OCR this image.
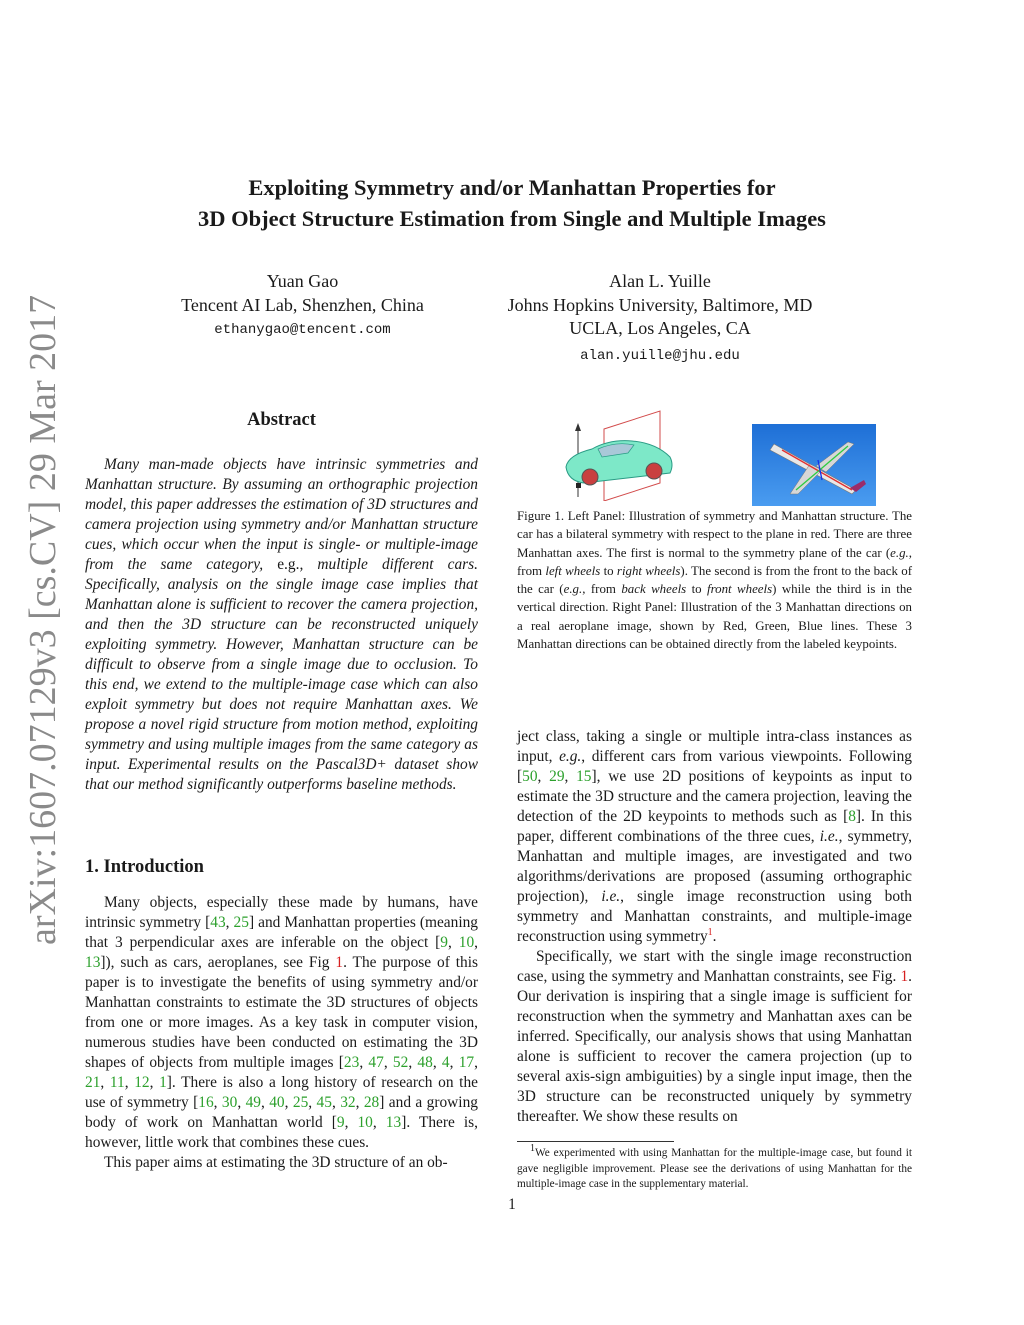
Exploiting Symmetry and/or Manhattan Properties for
3D Object Structure Estimation from Single and Multiple Images
Yuan Gao
Tencent AI Lab, Shenzhen, China
ethanygao@tencent.com
Alan L. Yuille
Johns Hopkins University, Baltimore, MD
UCLA, Los Angeles, CA
alan.yuille@jhu.edu
arXiv:1607.07129v3 [cs.CV] 29 Mar 2017	Abstract

Many man-made objects have intrinsic symmetries and Manhattan structure. By assuming an orthographic projection model, this paper addresses the estimation of 3D structures and camera projection using symmetry and/or Manhattan structure cues, which occur when the input is single- or multiple-image from the same category, e.g., multiple different cars. Specifically, analysis on the single image case implies that Manhattan alone is sufficient to recover the camera projection, and then the 3D structure can be reconstructed uniquely exploiting symmetry. However, Manhattan structure can be difficult to observe from a single image due to occlusion. To this end, we extend to the multiple-image case which can also exploit symmetry but does not require Manhattan axes. We propose a novel rigid structure from motion method, exploiting symmetry and using multiple images from the same category as input. Experimental results on the Pascal3D+ dataset show that our method significantly outperforms baseline methods.

1. Introduction

Many objects, especially these made by humans, have intrinsic symmetry [43, 25] and Manhattan properties (meaning that 3 perpendicular axes are inferable on the object [9, 10, 13]), such as cars, aeroplanes, see Fig 1. The purpose of this paper is to investigate the benefits of using symmetry and/or Manhattan constraints to estimate the 3D structures of objects from one or more images. As a key task in computer vision, numerous studies have been conducted on estimating the 3D shapes of objects from multiple images [23, 47, 52, 48, 4, 17, 21, 11, 12, 1]. There is also a long history of research on the use of symmetry [16, 30, 49, 40, 25, 45, 32, 28] and a growing body of work on Manhattan world [9, 10, 13]. There is, however, little work that combines these cues.

This paper aims at estimating the 3D structure of an ob-

Figure 1. Left Panel: Illustration of symmetry and Manhattan structure. The car has a bilateral symmetry with respect to the plane in red. There are three Manhattan axes. The first is normal to the symmetry plane of the car (e.g., from left wheels to right wheels). The second is from the front to the back of the car (e.g., from back wheels to front wheels) while the third is in the vertical direction. Right Panel: Illustration of the 3 Manhattan directions on a real aeroplane image, shown by Red, Green, Blue lines. These 3 Manhattan directions can be obtained directly from the labeled keypoints.

ject class, taking a single or multiple intra-class instances as input, e.g., different cars from various viewpoints. Following [50, 29, 15], we use 2D positions of keypoints as input to estimate the 3D structure and the camera projection, leaving the detection of the 2D keypoints to methods such as [8]. In this paper, different combinations of the three cues, i.e., symmetry, Manhattan and multiple images, are investigated and two algorithms/derivations are proposed (assuming orthographic projection), i.e., single image reconstruction using both symmetry and Manhattan constraints, and multiple-image reconstruction using symmetry$^1$.

Specifically, we start with the single image reconstruction case, using the symmetry and Manhattan constraints, see Fig. 1. Our derivation is inspiring that a single image is sufficient for reconstruction when the symmetry and Manhattan axes can be inferred. Specifically, our analysis shows that using Manhattan alone is sufficient to recover the camera projection (up to several axis-sign ambiguities) by a single input image, then the 3D structure can be reconstructed uniquely by symmetry thereafter. We show these results on

$^1$We experimented with using Manhattan for the multiple-image case, but found it gave negligible improvement. Please see the derivations of using Manhattan for the multiple-image case in the supplementary material.

1
